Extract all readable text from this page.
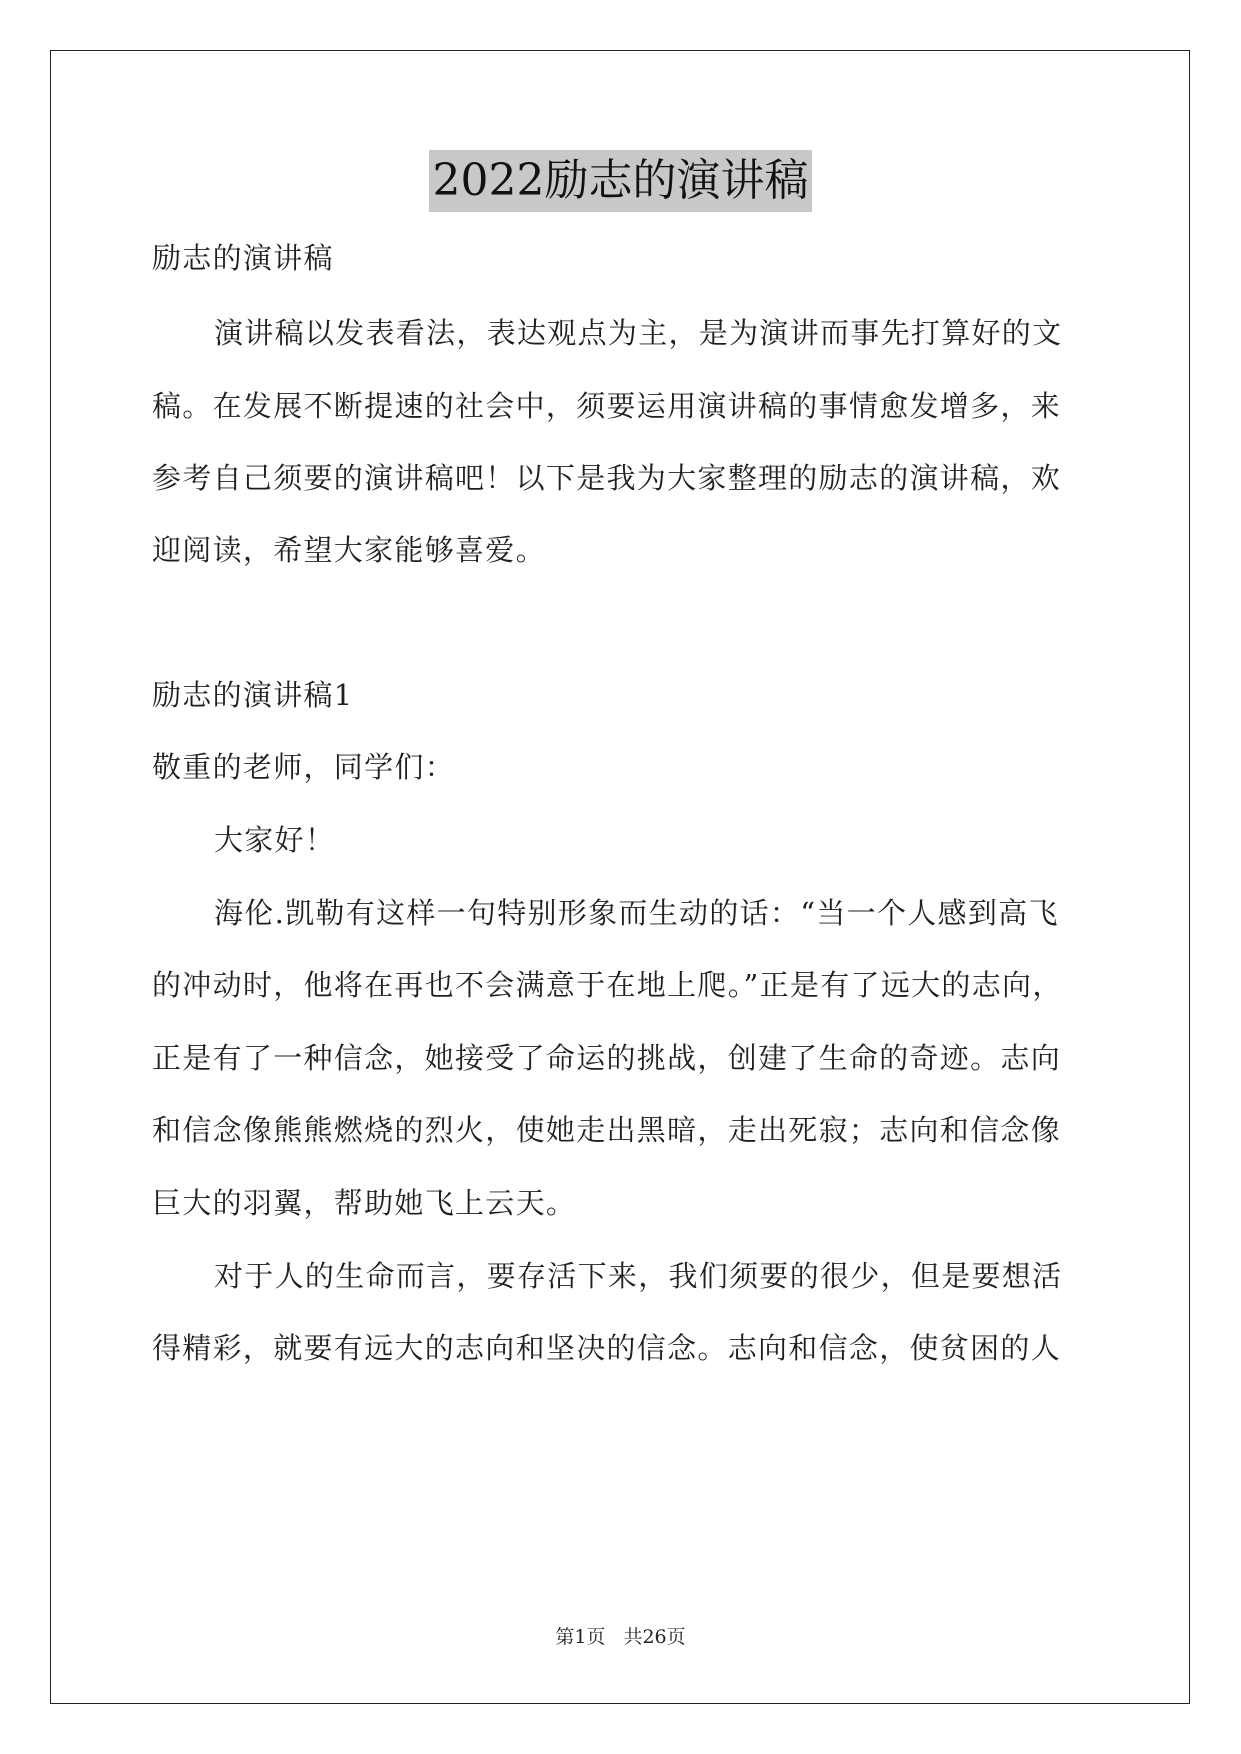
2022励志的演讲稿
励志的演讲稿
演讲稿以发表看法，表达观点为主，是为演讲而事先打算好的文
稿。在发展不断提速的社会中，须要运用演讲稿的事情愈发增多，来
参考自己须要的演讲稿吧！以下是我为大家整理的励志的演讲稿，欢
迎阅读，希望大家能够喜爱。
励志的演讲稿1
敬重的老师，同学们：
大家好！
海伦.凯勒有这样一句特别形象而生动的话：“当一个人感到高飞
的冲动时，他将在再也不会满意于在地上爬。”正是有了远大的志向，
正是有了一种信念，她接受了命运的挑战，创建了生命的奇迹。志向
和信念像熊熊燃烧的烈火，使她走出黑暗，走出死寂；志向和信念像
巨大的羽翼，帮助她飞上云天。
对于人的生命而言，要存活下来，我们须要的很少，但是要想活
得精彩，就要有远大的志向和坚决的信念。志向和信念，使贫困的人
第1页 共26页
